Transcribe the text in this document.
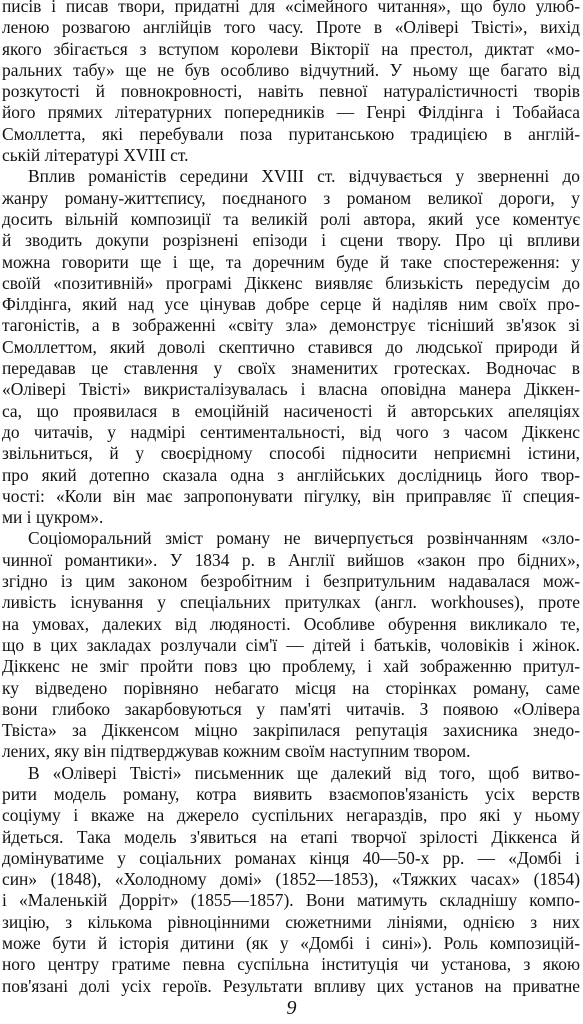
писів і писав твори, придатні для «сімейного читання», що було улюб-
леною розвагою англійців того часу. Проте в «Олівері Твісті», вихід
якого збігається з вступом королеви Вікторії на престол, диктат «мо-
ральних табу» ще не був особливо відчутний. У ньому ще багато від
розкутості й повнокровності, навіть певної натуралістичності творів
його прямих літературних попередників — Генрі Філдінга і Тобайаса
Смоллетта, які перебували поза пуританською традицією в англій-
ській літературі XVIII ст.
Вплив романістів середини XVIII ст. відчувається у зверненні до
жанру роману-життєпису, поєднаного з романом великої дороги, у
досить вільній композиції та великій ролі автора, який усе коментує
й зводить докупи розрізнені епізоди і сцени твору. Про ці впливи
можна говорити ще і ще, та доречним буде й таке спостереження: у
своїй «позитивній» програмі Діккенс виявляє близькість передусім до
Філдінга, який над усе цінував добре серце й наділяв ним своїх про-
тагоністів, а в зображенні «світу зла» демонструє тісніший зв'язок зі
Смоллеттом, який доволі скептично ставився до людської природи й
передавав це ставлення у своїх знаменитих гротесках. Водночас в
«Олівері Твісті» викристалізувалась і власна оповідна манера Діккен-
са, що проявилася в емоційній насиченості й авторських апеляціях
до читачів, у надмірі сентиментальності, від чого з часом Діккенс
звільниться, й у своєрідному способі підносити неприємні істини,
про який дотепно сказала одна з англійських дослідниць його твор-
чості: «Коли він має запропонувати пігулку, він приправляє її специя-
ми і цукром».
Соціоморальний зміст роману не вичерпується розвінчанням «зло-
чинної романтики». У 1834 р. в Англії вийшов «закон про бідних»,
згідно із цим законом безробітним і безпритульним надавалася мож-
ливість існування у спеціальних притулках (англ. workhouses), проте
на умовах, далеких від людяності. Особливе обурення викликало те,
що в цих закладах розлучали сім'ї — дітей і батьків, чоловіків і жінок.
Діккенс не зміг пройти повз цю проблему, і хай зображенню притул-
ку відведено порівняно небагато місця на сторінках роману, саме
вони глибоко закарбовуються у пам'яті читачів. З появою «Олівера
Твіста» за Діккенсом міцно закріпилася репутація захисника знедо-
лених, яку він підтверджував кожним своїм наступним твором.
В «Олівері Твісті» письменник ще далекий від того, щоб витво-
рити модель роману, котра виявить взаємопов'язаність усіх верств
соціуму і вкаже на джерело суспільних негараздів, про які у ньому
йдеться. Така модель з'явиться на етапі творчої зрілості Діккенса й
домінуватиме у соціальних романах кінця 40—50-х рр. — «Домбі і
син» (1848), «Холодному домі» (1852—1853), «Тяжких часах» (1854)
і «Маленькій Дорріт» (1855—1857). Вони матимуть складнішу компо-
зицію, з кількома рівноцінними сюжетними лініями, однією з них
може бути й історія дитини (як у «Домбі і сині»). Роль композицій-
ного центру гратиме певна суспільна інституція чи установа, з якою
пов'язані долі усіх героїв. Результати впливу цих установ на приватне
9
